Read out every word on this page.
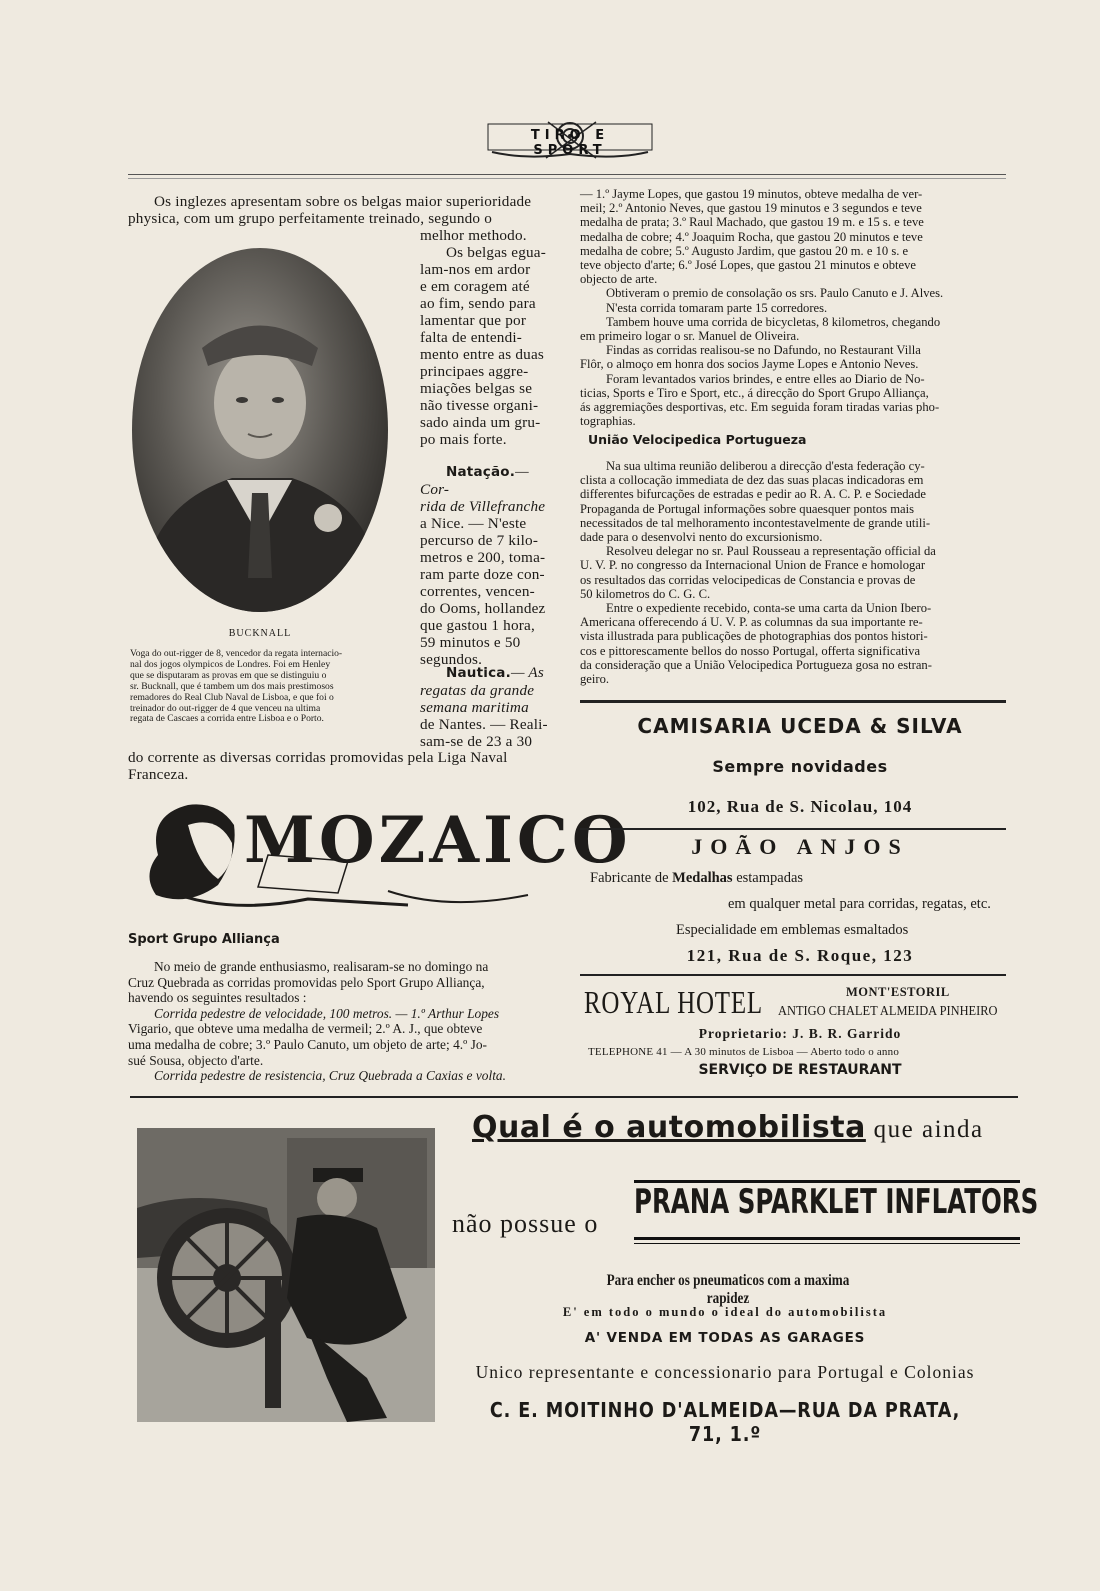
TIRO E SPORT

Os inglezes apresentam sobre os belgas maior superioridade

physica, com um grupo perfeitamente treinado, segundo o

melhor methodo.

BUCKNALL
Voga do out-rigger de 8, vencedor da regata internacio-
nal dos jogos olympicos de Londres. Foi em Henley
que se disputaram as provas em que se distinguiu o
sr. Bucknall, que é tambem um dos mais prestimosos
remadores do Real Club Naval de Lisboa, e que foi o
treinador do out-rigger de 4 que venceu na ultima
regata de Cascaes a corrida entre Lisboa e o Porto.

Os belgas egua-

lam-nos em ardor

e em coragem até

ao fim, sendo para

lamentar que por

falta de entendi-

mento entre as duas

principaes aggre-

miações belgas se

não tivesse organi-

sado ainda um gru-

po mais forte.

Natação.— Cor-

rida de Villefranche

a Nice. — N'este

percurso de 7 kilo-

metros e 200, toma-

ram parte doze con-

correntes, vencen-

do Ooms, hollandez

que gastou 1 hora,

59 minutos e 50

segundos.

Nautica.— As

regatas da grande

semana maritima

de Nantes. — Reali-

sam-se de 23 a 30

do corrente as diversas corridas promovidas pela Liga Naval

Franceza.

MOZAICO
Sport Grupo Alliança

No meio de grande enthusiasmo, realisaram-se no domingo na

Cruz Quebrada as corridas promovidas pelo Sport Grupo Alliança,

havendo os seguintes resultados :

Corrida pedestre de velocidade, 100 metros. — 1.º Arthur Lopes

Vigario, que obteve uma medalha de vermeil; 2.º A. J., que obteve

uma medalha de cobre; 3.º Paulo Canuto, um objeto de arte; 4.º Jo-

sué Sousa, objecto d'arte.

Corrida pedestre de resistencia, Cruz Quebrada a Caxias e volta.

— 1.º Jayme Lopes, que gastou 19 minutos, obteve medalha de ver-

meil; 2.º Antonio Neves, que gastou 19 minutos e 3 segundos e teve

medalha de prata; 3.º Raul Machado, que gastou 19 m. e 15 s. e teve

medalha de cobre; 4.º Joaquim Rocha, que gastou 20 minutos e teve

medalha de cobre; 5.º Augusto Jardim, que gastou 20 m. e 10 s. e

teve objecto d'arte; 6.º José Lopes, que gastou 21 minutos e obteve

objecto de arte.

Obtiveram o premio de consolação os srs. Paulo Canuto e J. Alves.

N'esta corrida tomaram parte 15 corredores.

Tambem houve uma corrida de bicycletas, 8 kilometros, chegando

em primeiro logar o sr. Manuel de Oliveira.

Findas as corridas realisou-se no Dafundo, no Restaurant Villa

Flôr, o almoço em honra dos socios Jayme Lopes e Antonio Neves.

Foram levantados varios brindes, e entre elles ao Diario de No-

ticias, Sports e Tiro e Sport, etc., á direcção do Sport Grupo Alliança,

ás aggremiações desportivas, etc. Em seguida foram tiradas varias pho-

tographias.

União Velocipedica Portugueza

Na sua ultima reunião deliberou a direcção d'esta federação cy-

clista a collocação immediata de dez das suas placas indicadoras em

differentes bifurcações de estradas e pedir ao R. A. C. P. e Sociedade

Propaganda de Portugal informações sobre quaesquer pontos mais

necessitados de tal melhoramento incontestavelmente de grande utili-

dade para o desenvolvi nento do excursionismo.

Resolveu delegar no sr. Paul Rousseau a representação official da

U. V. P. no congresso da Internacional Union de France e homologar

os resultados das corridas velocipedicas de Constancia e provas de

50 kilometros do C. G. C.

Entre o expediente recebido, conta-se uma carta da Union Ibero-

Americana offerecendo á U. V. P. as columnas da sua importante re-

vista illustrada para publicações de photographias dos pontos histori-

cos e pittorescamente bellos do nosso Portugal, offerta significativa

da consideração que a União Velocipedica Portugueza gosa no estran-

geiro.

CAMISARIA UCEDA & SILVA
Sempre novidades
102, Rua de S. Nicolau, 104
JOÃO ANJOS
Fabricante de Medalhas estampadas
em qualquer metal para corridas, regatas, etc.
Especialidade em emblemas esmaltados
121, Rua de S. Roque, 123
ROYAL HOTEL	MONT'ESTORIL
ANTIGO CHALET ALMEIDA PINHEIRO
Proprietario: J. B. R. Garrido
TELEPHONE 41 — A 30 minutos de Lisboa — Aberto todo o anno
SERVIÇO DE RESTAURANT
Qual é o automobilista que ainda
não possue o
PRANA SPARKLET INFLATORS
Para encher os pneumaticos com a maxima rapidez
E' em todo o mundo o ideal do automobilista
A' VENDA EM TODAS AS GARAGES
Unico representante e concessionario para Portugal e Colonias
C. E. MOITINHO D'ALMEIDA—RUA DA PRATA, 71, 1.º
